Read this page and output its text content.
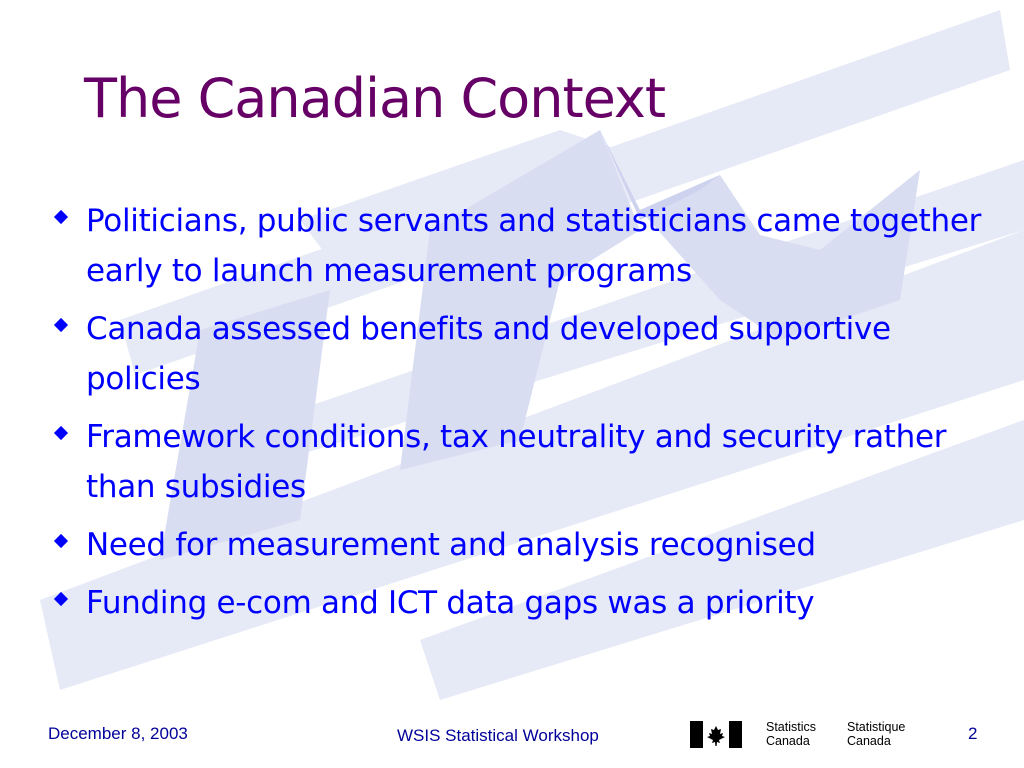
The Canadian Context
Politicians, public servants and statisticians came together early to launch measurement programs
Canada assessed benefits and developed supportive policies
Framework conditions, tax neutrality and security rather than subsidies
Need for measurement and analysis recognised
Funding e-com and ICT data gaps was a priority
December 8, 2003	WSIS Statistical Workshop	2
Statistics
Canada
Statistique
Canada
